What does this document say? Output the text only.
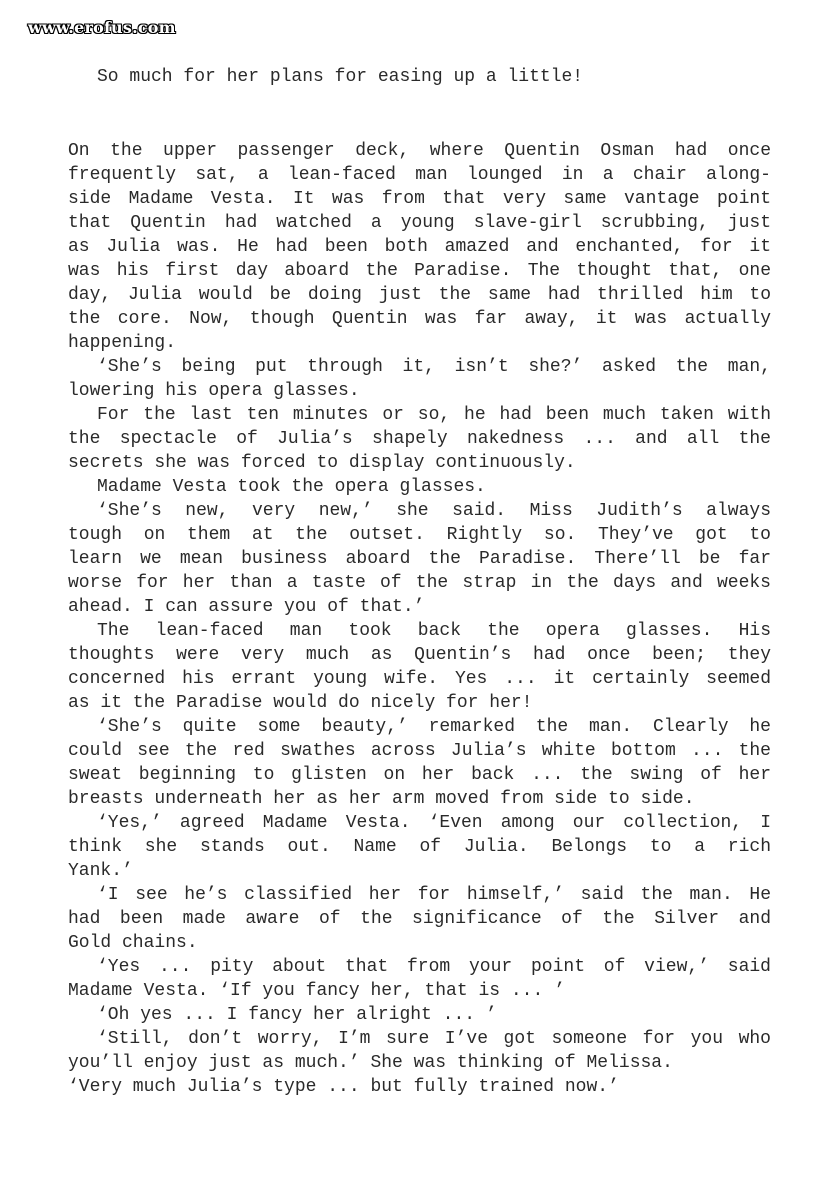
www.erofus.com
So much for her plans for easing up a little!
On the upper passenger deck, where Quentin Osman had once
frequently sat, a lean-faced man lounged in a chair along-
side Madame Vesta. It was from that very same vantage point
that Quentin had watched a young slave-girl scrubbing, just
as Julia was. He had been both amazed and enchanted, for it
was his first day aboard the Paradise. The thought that, one
day, Julia would be doing just the same had thrilled him to
the core. Now, though Quentin was far away, it was actually
happening.
‘She’s being put through it, isn’t she?’ asked the man,
lowering his opera glasses.
For the last ten minutes or so, he had been much taken with
the spectacle of Julia’s shapely nakedness ... and all the
secrets she was forced to display continuously.
Madame Vesta took the opera glasses.
‘She’s new, very new,’ she said. Miss Judith’s always
tough on them at the outset. Rightly so. They’ve got to
learn we mean business aboard the Paradise. There’ll be far
worse for her than a taste of the strap in the days and weeks
ahead. I can assure you of that.’
The lean-faced man took back the opera glasses. His
thoughts were very much as Quentin’s had once been; they
concerned his errant young wife. Yes ... it certainly seemed
as it the Paradise would do nicely for her!
‘She’s quite some beauty,’ remarked the man. Clearly he
could see the red swathes across Julia’s white bottom ... the
sweat beginning to glisten on her back ... the swing of her
breasts underneath her as her arm moved from side to side.
‘Yes,’ agreed Madame Vesta. ‘Even among our collection, I
think she stands out. Name of Julia. Belongs to a rich
Yank.’
‘I see he’s classified her for himself,’ said the man. He
had been made aware of the significance of the Silver and
Gold chains.
‘Yes ... pity about that from your point of view,’ said
Madame Vesta. ‘If you fancy her, that is ... ’
‘Oh yes ... I fancy her alright ... ’
‘Still, don’t worry, I’m sure I’ve got someone for you who
you’ll enjoy just as much.’ She was thinking of Melissa.
‘Very much Julia’s type ... but fully trained now.’
